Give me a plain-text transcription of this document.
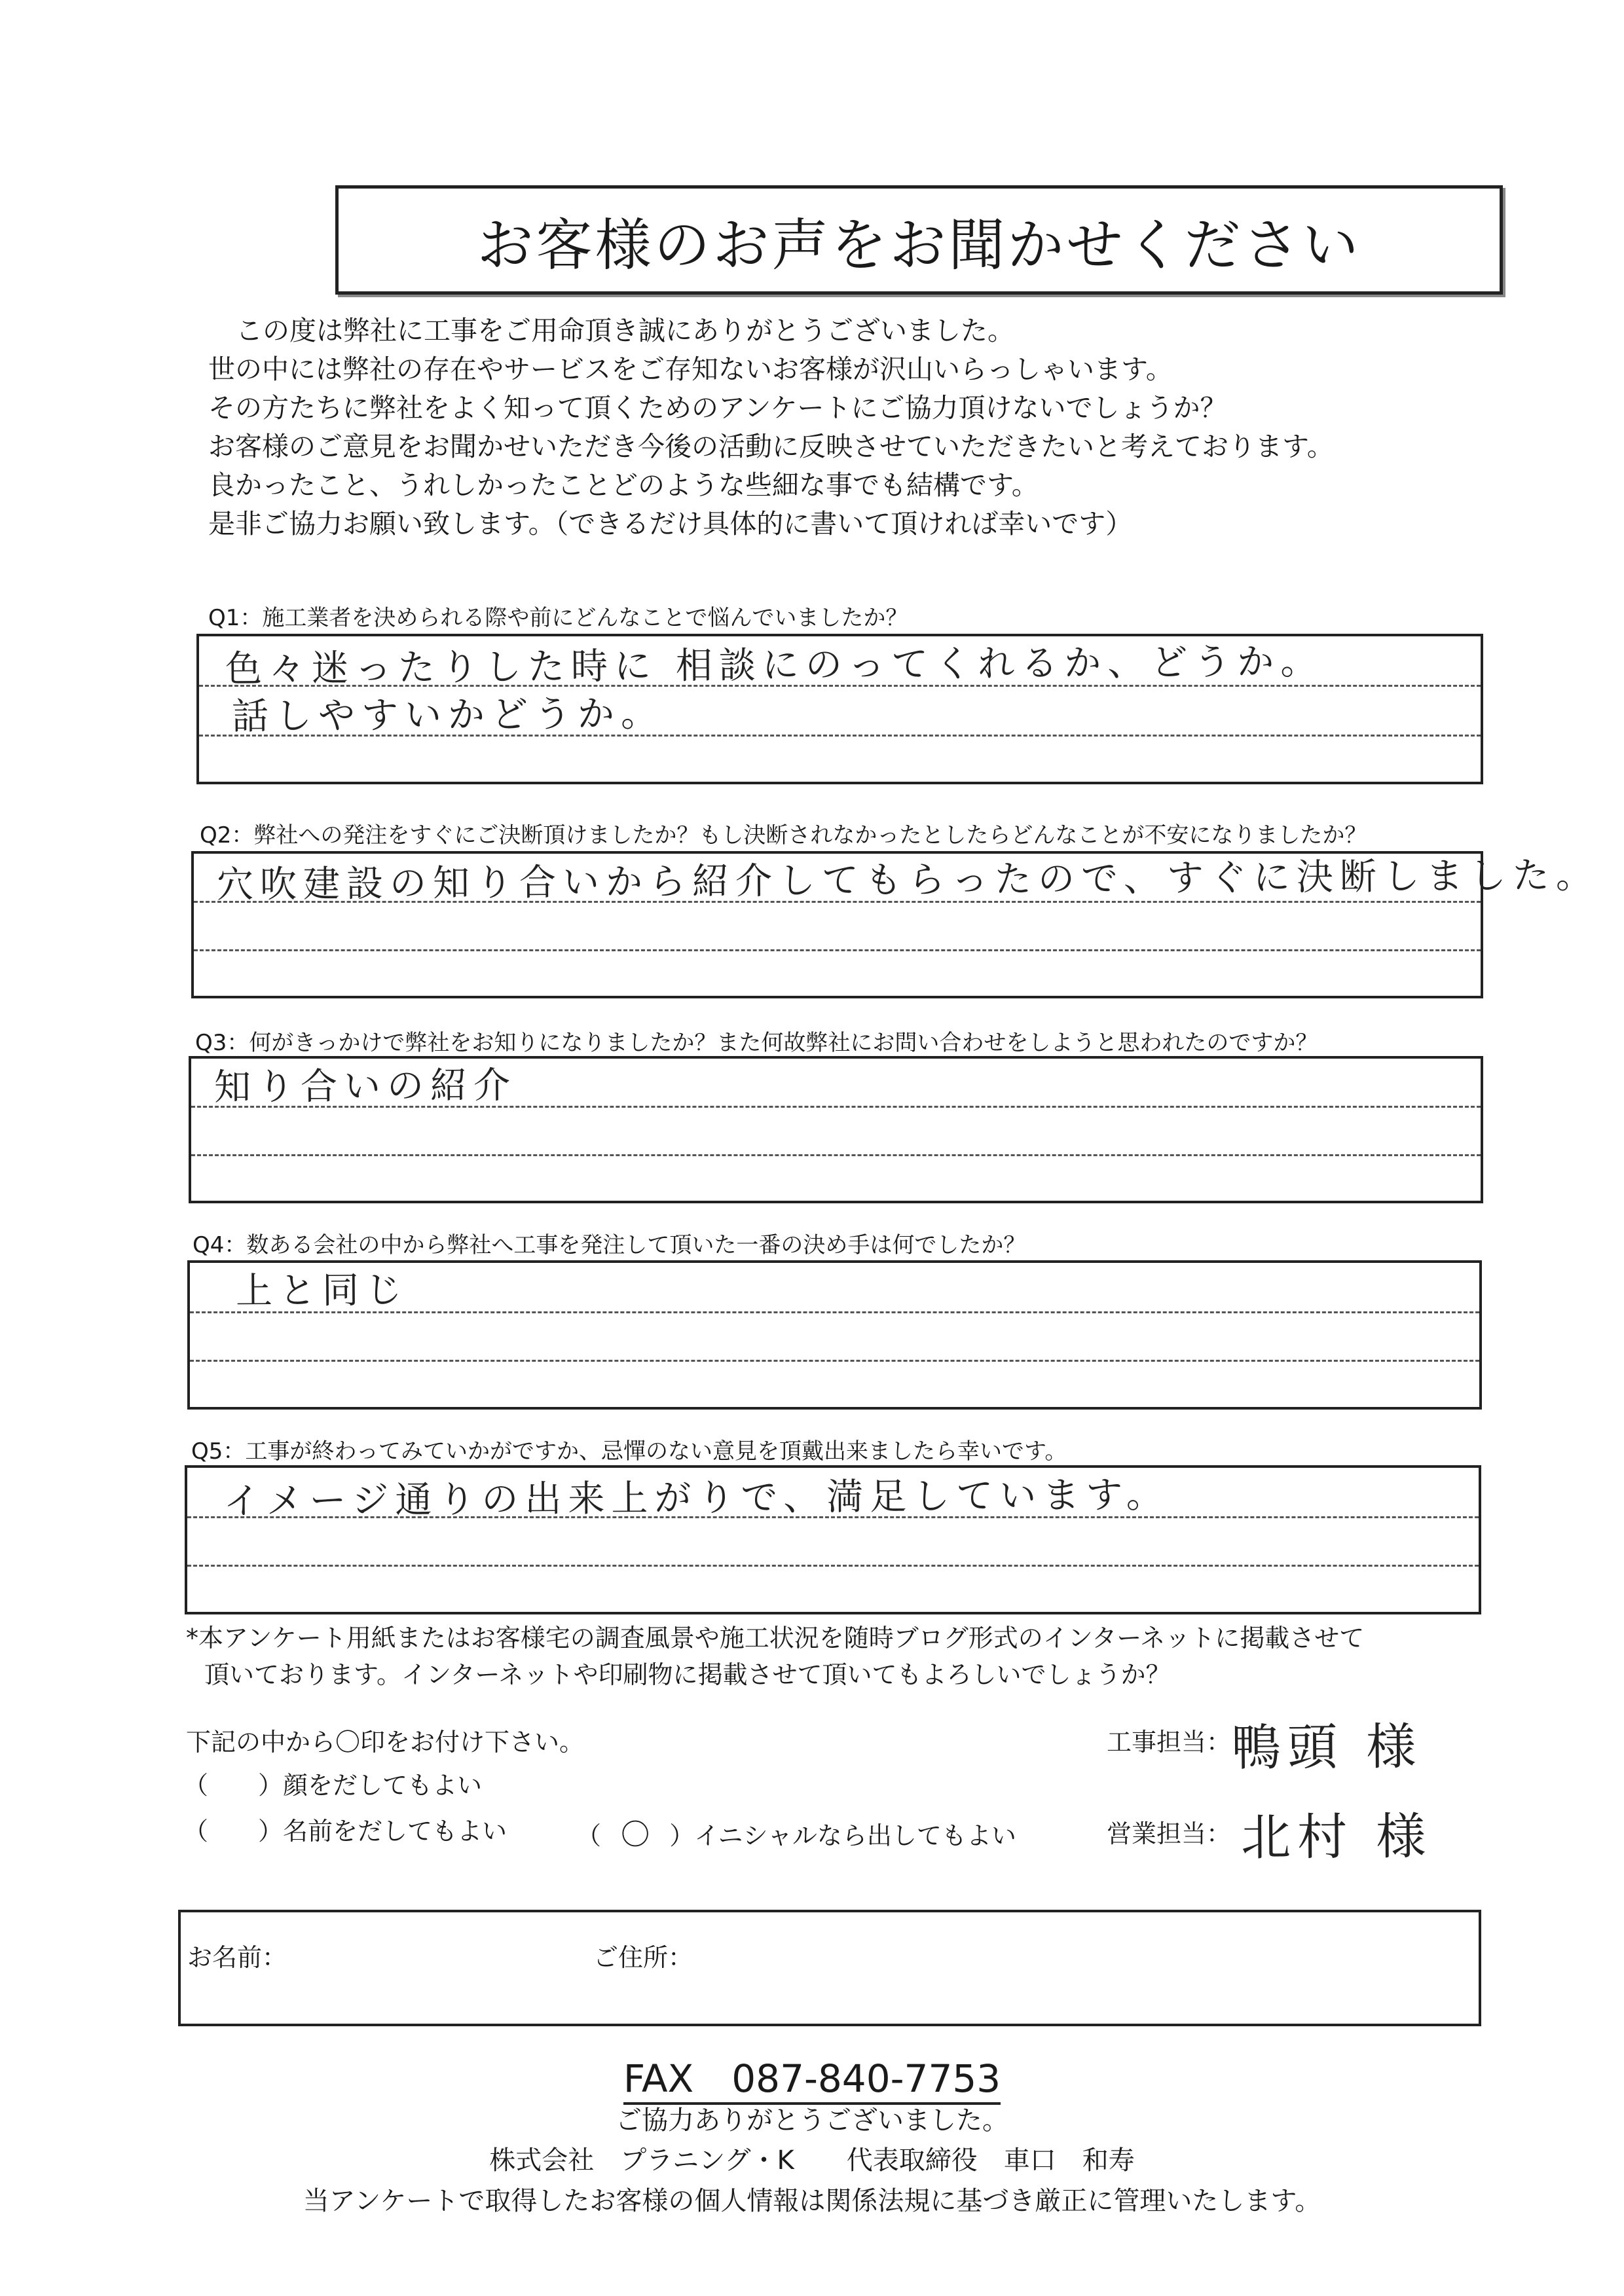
お客様のお声をお聞かせください
この度は弊社に工事をご用命頂き誠にありがとうございました。
世の中には弊社の存在やサービスをご存知ないお客様が沢山いらっしゃいます。
その方たちに弊社をよく知って頂くためのアンケートにご協力頂けないでしょうか？
お客様のご意見をお聞かせいただき今後の活動に反映させていただきたいと考えております。
良かったこと、うれしかったことどのような些細な事でも結構です。
是非ご協力お願い致します。（できるだけ具体的に書いて頂ければ幸いです）
Q1：施工業者を決められる際や前にどんなことで悩んでいましたか？
色々迷ったりした時に 相談にのってくれるか、どうか。
話しやすいかどうか。
Q2：弊社への発注をすぐにご決断頂けましたか？もし決断されなかったとしたらどんなことが不安になりましたか？
穴吹建設の知り合いから紹介してもらったので、すぐに決断しました。
Q3：何がきっかけで弊社をお知りになりましたか？また何故弊社にお問い合わせをしようと思われたのですか？
知り合いの紹介
Q4：数ある会社の中から弊社へ工事を発注して頂いた一番の決め手は何でしたか？
上と同じ
Q5：工事が終わってみていかがですか、忌憚のない意見を頂戴出来ましたら幸いです。
イメージ通りの出来上がりで、満足しています。
*本アンケート用紙またはお客様宅の調査風景や施工状況を随時ブログ形式のインターネットに掲載させて
頂いております。インターネットや印刷物に掲載させて頂いてもよろしいでしょうか？
下記の中から〇印をお付け下さい。
（　　）顔をだしてもよい
（　　）名前をだしてもよい	（ 〇 ）イニシャルなら出してもよい
工事担当： 鴨頭 様
営業担当： 北村 様
お名前：	ご住所：
FAX　087-840-7753
ご協力ありがとうございました。
株式会社　プラニング・K　　代表取締役　車口　和寿
当アンケートで取得したお客様の個人情報は関係法規に基づき厳正に管理いたします。
